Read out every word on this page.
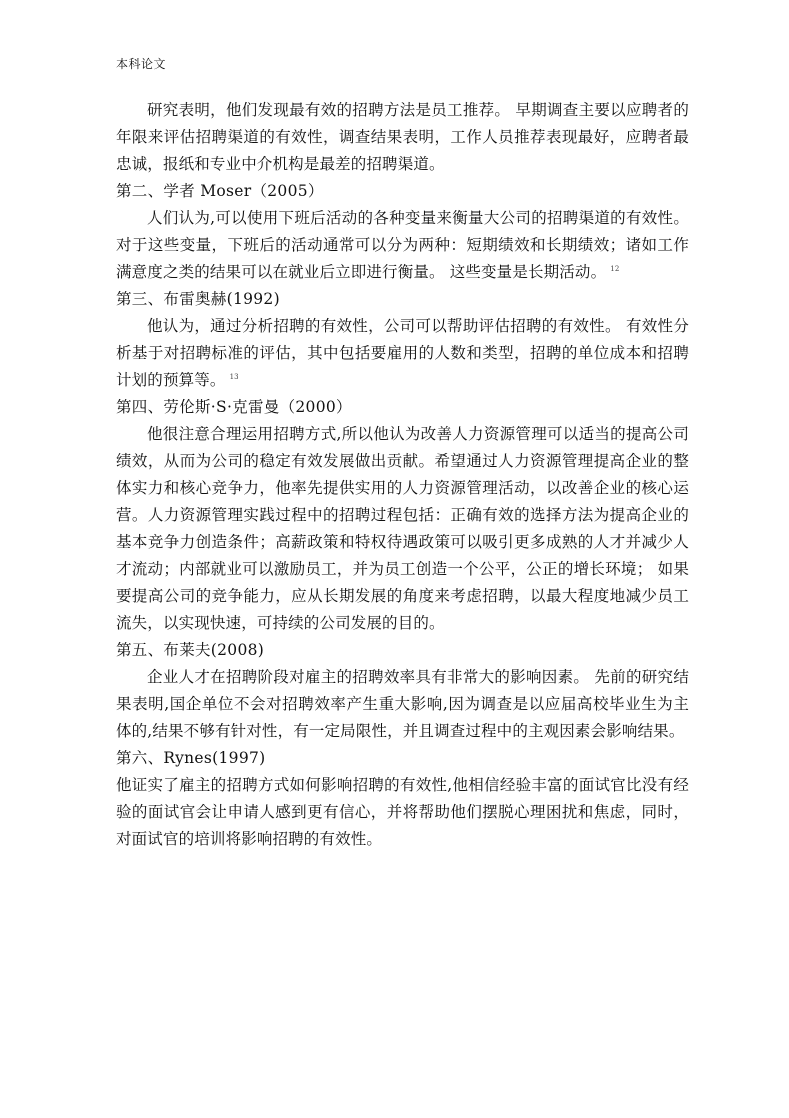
本科论文

研究表明，他们发现最有效的招聘方法是员工推荐。 早期调查主要以应聘者的年限来评估招聘渠道的有效性，调查结果表明，工作人员推荐表现最好，应聘者最忠诚，报纸和专业中介机构是最差的招聘渠道。

第二、学者 Moser（2005）

人们认为,可以使用下班后活动的各种变量来衡量大公司的招聘渠道的有效性。对于这些变量，下班后的活动通常可以分为两种：短期绩效和长期绩效；诸如工作满意度之类的结果可以在就业后立即进行衡量。 这些变量是长期活动。 $^{12}$

第三、布雷奥赫(1992)

他认为，通过分析招聘的有效性，公司可以帮助评估招聘的有效性。 有效性分析基于对招聘标准的评估，其中包括要雇用的人数和类型，招聘的单位成本和招聘计划的预算等。 $^{13}$

第四、劳伦斯·S·克雷曼（2000）

他很注意合理运用招聘方式,所以他认为改善人力资源管理可以适当的提高公司绩效，从而为公司的稳定有效发展做出贡献。希望通过人力资源管理提高企业的整体实力和核心竞争力，他率先提供实用的人力资源管理活动，以改善企业的核心运营。人力资源管理实践过程中的招聘过程包括：正确有效的选择方法为提高企业的基本竞争力创造条件；高薪政策和特权待遇政策可以吸引更多成熟的人才并减少人才流动；内部就业可以激励员工，并为员工创造一个公平，公正的增长环境； 如果要提高公司的竞争能力，应从长期发展的角度来考虑招聘，以最大程度地减少员工流失，以实现快速，可持续的公司发展的目的。

第五、布莱夫(2008)

企业人才在招聘阶段对雇主的招聘效率具有非常大的影响因素。 先前的研究结果表明,国企单位不会对招聘效率产生重大影响,因为调查是以应届高校毕业生为主体的,结果不够有针对性，有一定局限性，并且调查过程中的主观因素会影响结果。

第六、Rynes(1997)

他证实了雇主的招聘方式如何影响招聘的有效性,他相信经验丰富的面试官比没有经验的面试官会让申请人感到更有信心，并将帮助他们摆脱心理困扰和焦虑，同时，对面试官的培训将影响招聘的有效性。
